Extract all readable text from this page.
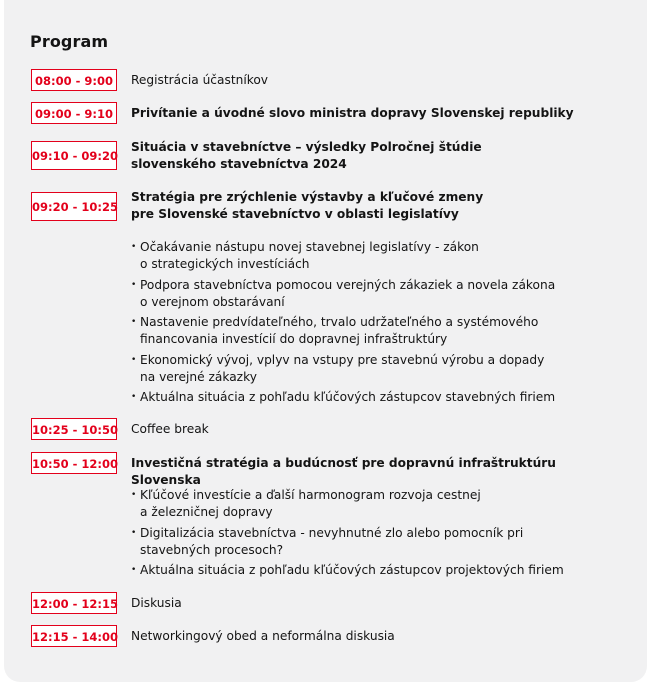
Program
08:00 - 9:00	Registrácia účastníkov
09:00 - 9:10	Privítanie a úvodné slovo ministra dopravy Slovenskej republiky
09:10 - 09:20
Situácia v stavebníctve – výsledky Polročnej štúdie
slovenského stavebníctva 2024
09:20 - 10:25
Stratégia pre zrýchlenie výstavby a kľučové zmeny
pre Slovenské stavebníctvo v oblasti legislatívy
• Očakávanie nástupu novej stavebnej legislatívy - zákon
o strategických investíciách
• Podpora stavebníctva pomocou verejných zákaziek a novela zákona
o verejnom obstarávaní
• Nastavenie predvídateľného, trvalo udržateľného a systémového
financovania investícií do dopravnej infraštruktúry
• Ekonomický vývoj, vplyv na vstupy pre stavebnú výrobu a dopady
na verejné zákazky
• Aktuálna situácia z pohľadu kľúčových zástupcov stavebných firiem
10:25 - 10:50 Coffee break
10:50 - 12:00 Investičná stratégia a budúcnosť pre dopravnú infraštruktúru Slovenska
• Kľúčové investície a ďalší harmonogram rozvoja cestnej
a železničnej dopravy
• Digitalizácia stavebníctva - nevyhnutné zlo alebo pomocník pri
stavebných procesoch?
• Aktuálna situácia z pohľadu kľúčových zástupcov projektových firiem
12:00 - 12:15 Diskusia
12:15 - 14:00 Networkingový obed a neformálna diskusia
